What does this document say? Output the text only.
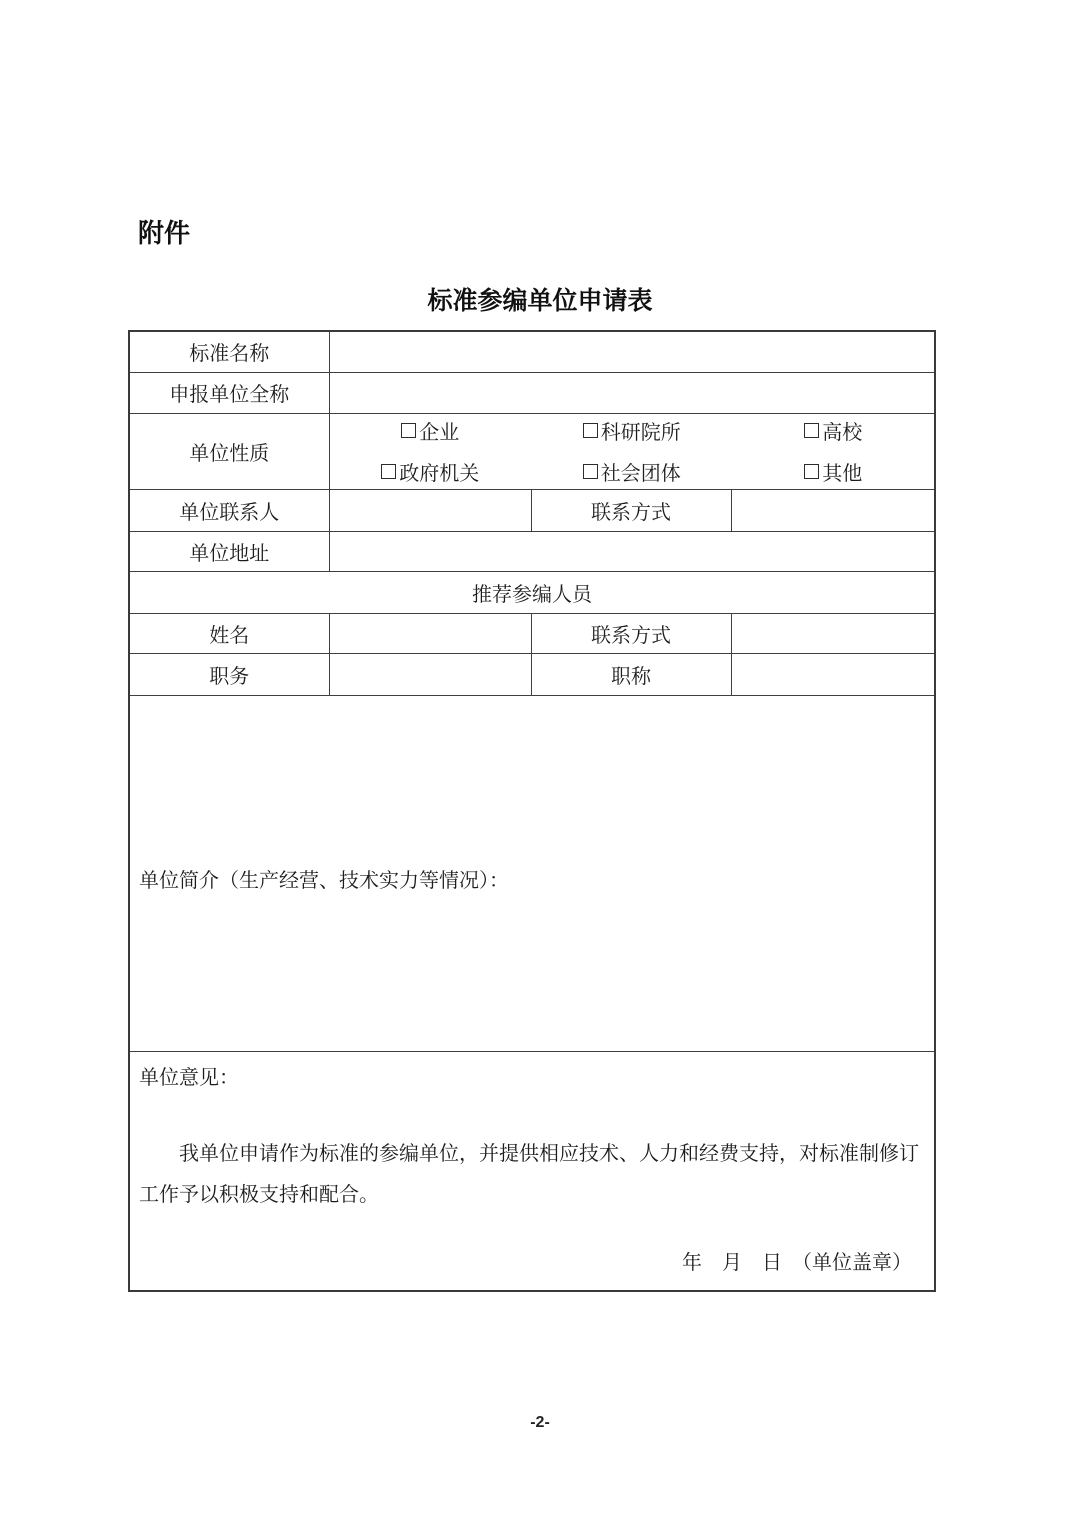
附件
标准参编单位申请表
标准名称			
申报单位全称			
单位性质	
企业	科研院所	高校
政府机关	社会团体	其他

单位联系人		联系方式	
单位地址			
推荐参编人员			
姓名		联系方式	
职务		职称	
单位简介（生产经营、技术实力等情况）：			

单位意见：
我单位申请作为标准的参编单位，并提供相应技术、人力和经费支持，对标准制修订工作予以积极支持和配合。
年　月　日　（单位盖章）			
-2-
